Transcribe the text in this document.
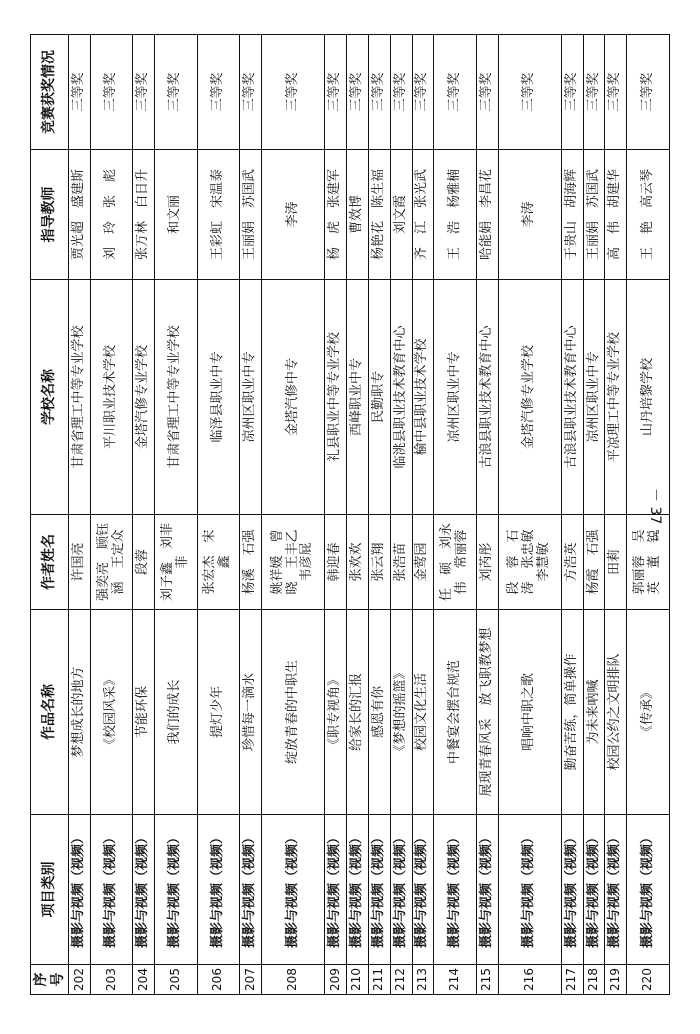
序号	项目类别	作品名称	作者姓名	学校名称	指导教师	竞赛获奖情况
202	摄影与视频（视频）	梦想成长的地方	许国亮	甘肃省理工中等专业学校	贾光超　盛建斯	三等奖
203	摄影与视频（视频）	《校园风采》	强奕亮　顾钰涵　王定众	平川职业技术学校	刘　玲　张　彪	三等奖
204	摄影与视频（视频）	节能环保	段蓉	金塔汽修专业学校	张万林　白日升	三等奖
205	摄影与视频（视频）	我们的成长	刘子鑫　刘菲菲	甘肃省理工中等专业学校	和文丽	三等奖
206	摄影与视频（视频）	提灯少年	张宏杰　宋　鑫	临泽县职业中专	王彩虹　宋温泰	三等奖
207	摄影与视频（视频）	珍惜每一滴水	杨溪　石强	凉州区职业中专	王丽娟　苏国武	三等奖
208	摄影与视频（视频）	绽放青春的中职生	姚祥媛　曾　晓　王丰乙　韦彦屁	金塔汽修中专	李涛	三等奖
209	摄影与视频（视频）	《职专视角》	韩迎春	礼县职业中等专业学校	杨　虎　张建军	三等奖
210	摄影与视频（视频）	给家长的汇报	张欢欢	西峰职业中专	曹效博	三等奖
211	摄影与视频（视频）	感恩有你	张云翔	民勤职专	杨艳花　陈生福	三等奖
212	摄影与视频（视频）	《梦想的摇篮》	张浩苗	临洮县职业技术教育中心	刘文霞	三等奖
213	摄影与视频（视频）	校园文化生活	金莺园	榆中县职业技术学校	齐　江　张光武	三等奖
214	摄影与视频（视频）	中餐宴会摆台规范	任　硕　刘永伟　常丽蓉	凉州区职业中专	王　浩　杨雅楠	三等奖
215	摄影与视频（视频）	展现青春风采　放飞职教梦想	刘芮彤	古浪县职业技术教育中心	哈能娟　李昌花	三等奖
216	摄影与视频（视频）	唱响中职之歌	段　蓉　石　涛　张忠敏　李慧敏	金塔汽修专业学校	李涛	三等奖
217	摄影与视频（视频）	勤奋苦练，简单操作	方浩英	古浪县职业技术教育中心	于贵山　胡海辉	三等奖
218	摄影与视频（视频）	为未来吶喊	杨霞　石强	凉州区职业中专	王丽娟　苏国武	三等奖
219	摄影与视频（视频）	校园公约之文明排队	田莉	平凉理工中等专业学校	高　伟　胡建华	三等奖
220	摄影与视频（视频）	《传承》	郭丽蓉　吴　英　董　锐	山丹培黎学校	王　艳　高云琴	三等奖
－ 37 －
